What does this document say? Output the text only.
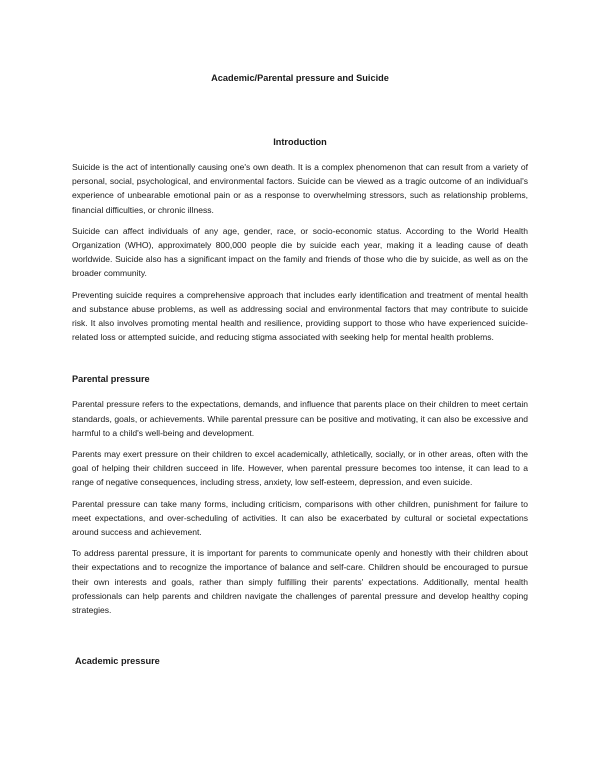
Academic/Parental pressure and Suicide
Introduction

Suicide is the act of intentionally causing one's own death. It is a complex phenomenon that can result from a variety of personal, social, psychological, and environmental factors. Suicide can be viewed as a tragic outcome of an individual's experience of unbearable emotional pain or as a response to overwhelming stressors, such as relationship problems, financial difficulties, or chronic illness.

Suicide can affect individuals of any age, gender, race, or socio-economic status. According to the World Health Organization (WHO), approximately 800,000 people die by suicide each year, making it a leading cause of death worldwide. Suicide also has a significant impact on the family and friends of those who die by suicide, as well as on the broader community.

Preventing suicide requires a comprehensive approach that includes early identification and treatment of mental health and substance abuse problems, as well as addressing social and environmental factors that may contribute to suicide risk. It also involves promoting mental health and resilience, providing support to those who have experienced suicide-related loss or attempted suicide, and reducing stigma associated with seeking help for mental health problems.

Parental pressure

Parental pressure refers to the expectations, demands, and influence that parents place on their children to meet certain standards, goals, or achievements. While parental pressure can be positive and motivating, it can also be excessive and harmful to a child's well-being and development.

Parents may exert pressure on their children to excel academically, athletically, socially, or in other areas, often with the goal of helping their children succeed in life. However, when parental pressure becomes too intense, it can lead to a range of negative consequences, including stress, anxiety, low self-esteem, depression, and even suicide.

Parental pressure can take many forms, including criticism, comparisons with other children, punishment for failure to meet expectations, and over-scheduling of activities. It can also be exacerbated by cultural or societal expectations around success and achievement.

To address parental pressure, it is important for parents to communicate openly and honestly with their children about their expectations and to recognize the importance of balance and self-care. Children should be encouraged to pursue their own interests and goals, rather than simply fulfilling their parents' expectations. Additionally, mental health professionals can help parents and children navigate the challenges of parental pressure and develop healthy coping strategies.

Academic pressure
